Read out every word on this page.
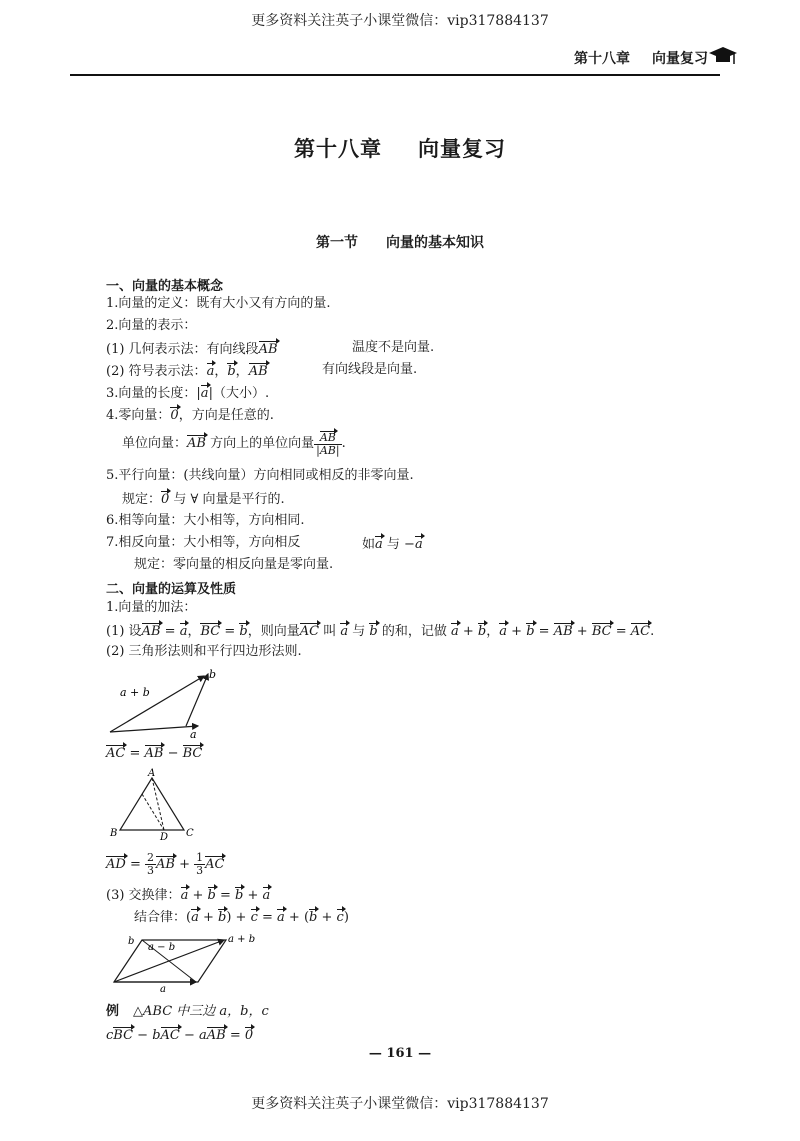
更多资料关注英子小课堂微信：vip317884137
第十八章 向量复习
第十八章 向量复习
第一节 向量的基本知识
一、向量的基本概念
1.向量的定义：既有大小又有方向的量.
2.向量的表示：
(1) 几何表示法：有向线段AB	温度不是向量.
(2) 符号表示法：a，b，AB	有向线段是向量.
3.向量的长度：|a|（大小）.
4.零向量：0，方向是任意的.
单位向量：AB 方向上的单位向量 $\frac{AB}{|AB|}$ .
5.平行向量：(共线向量）方向相同或相反的非零向量.
规定：0 与 ∀ 向量是平行的.
6.相等向量：大小相等，方向相同.
7.相反向量：大小相等，方向相反	如a 与 −a
规定：零向量的相反向量是零向量.
二、向量的运算及性质
1.向量的加法：
(1) 设AB = a，BC = b，则向量AC 叫 a 与 b 的和，记做 a + b，a + b = AB + BC = AC.
(2) 三角形法则和平行四边形法则.
a + b
b
a
AC = AB − BC
A
B	C
D
AD = $\frac{2}{3}$ AB + $\frac{1}{3}$ AC
(3) 交换律：a + b = b + a
结合律：(a + b) + c = a + (b + c)
b
a − b
a + b
a
例 △ABC 中三边 a，b，c
cBC − bAC − aAB = 0
— 161 —
更多资料关注英子小课堂微信：vip317884137
